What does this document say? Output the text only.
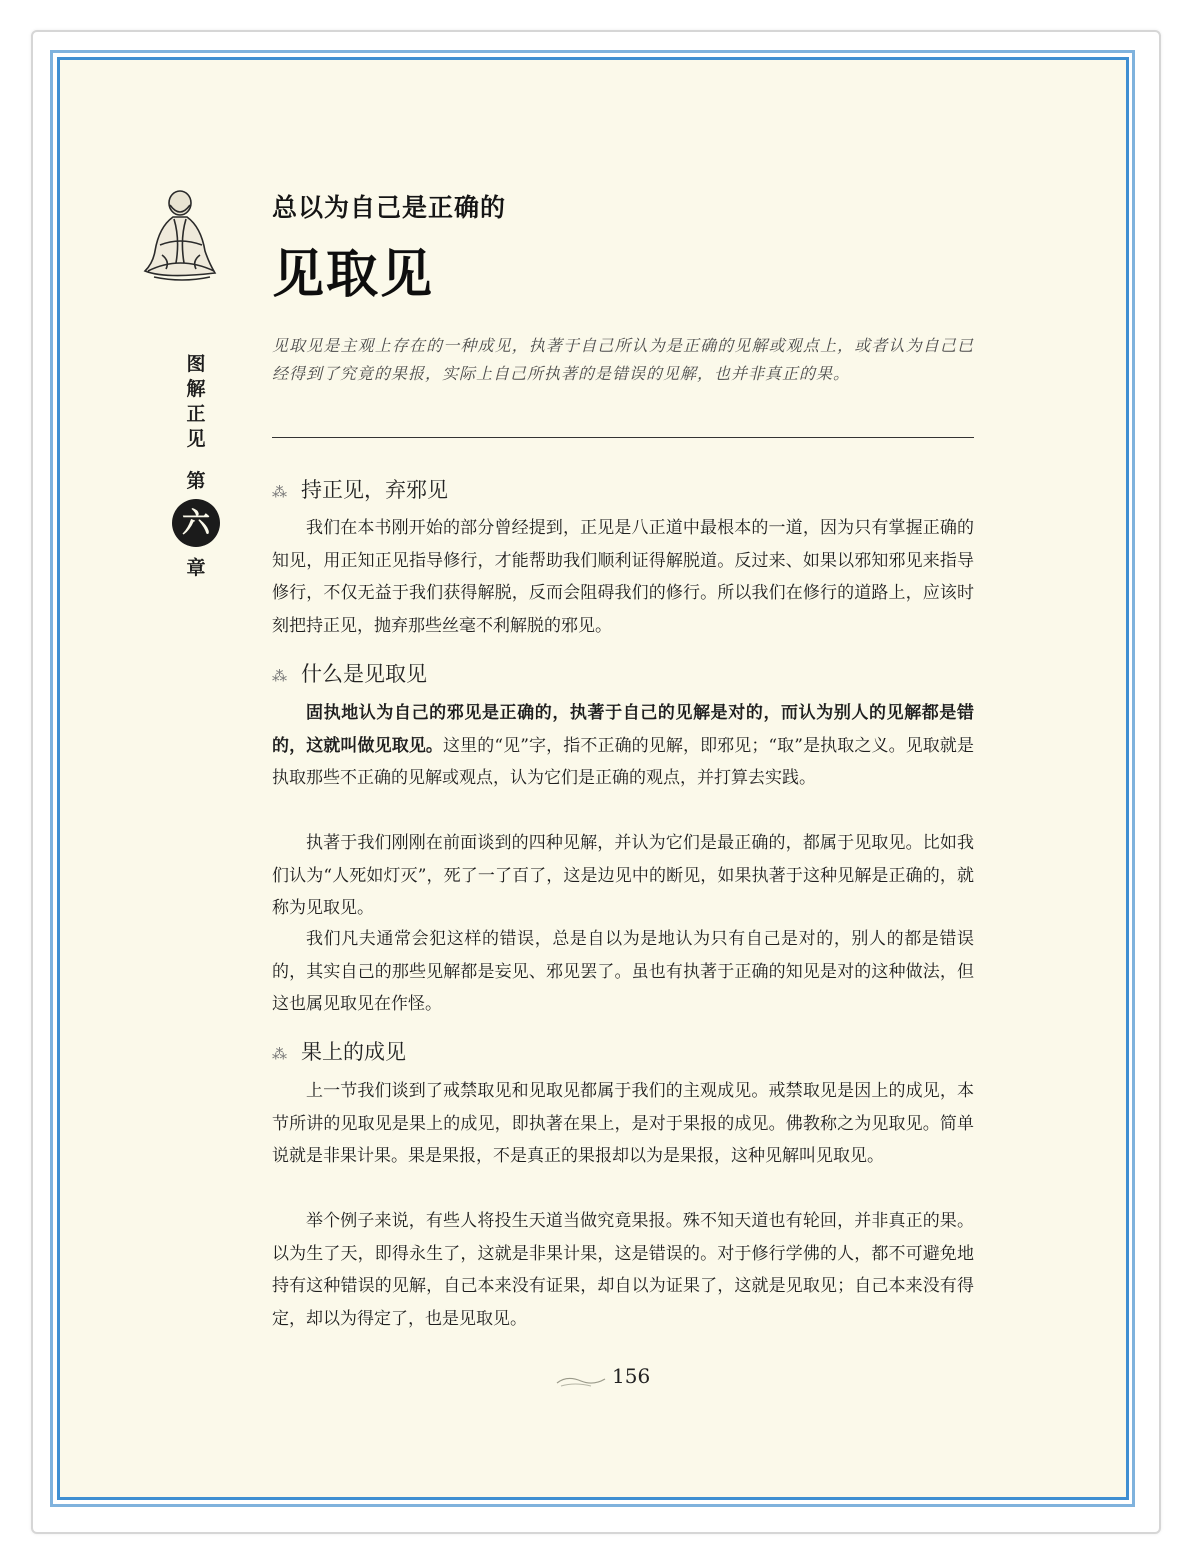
图
解
正
见
第
六
章
总以为自己是正确的
见取见
见取见是主观上存在的一种成见，执著于自己所认为是正确的见解或观点上，或者认为自己已经得到了究竟的果报，实际上自己所执著的是错误的见解，也并非真正的果。
⁂ 持正见，弃邪见
我们在本书刚开始的部分曾经提到，正见是八正道中最根本的一道，因为只有掌握正确的知见，用正知正见指导修行，才能帮助我们顺利证得解脱道。反过来、如果以邪知邪见来指导修行，不仅无益于我们获得解脱，反而会阻碍我们的修行。所以我们在修行的道路上，应该时刻把持正见，抛弃那些丝毫不利解脱的邪见。
⁂ 什么是见取见
固执地认为自己的邪见是正确的，执著于自己的见解是对的，而认为别人的见解都是错的，这就叫做见取见。这里的“见”字，指不正确的见解，即邪见；“取”是执取之义。见取就是执取那些不正确的见解或观点，认为它们是正确的观点，并打算去实践。
执著于我们刚刚在前面谈到的四种见解，并认为它们是最正确的，都属于见取见。比如我们认为“人死如灯灭”，死了一了百了，这是边见中的断见，如果执著于这种见解是正确的，就称为见取见。
我们凡夫通常会犯这样的错误，总是自以为是地认为只有自己是对的，别人的都是错误的，其实自己的那些见解都是妄见、邪见罢了。虽也有执著于正确的知见是对的这种做法，但这也属见取见在作怪。
⁂ 果上的成见
上一节我们谈到了戒禁取见和见取见都属于我们的主观成见。戒禁取见是因上的成见，本节所讲的见取见是果上的成见，即执著在果上，是对于果报的成见。佛教称之为见取见。简单说就是非果计果。果是果报，不是真正的果报却以为是果报，这种见解叫见取见。
举个例子来说，有些人将投生天道当做究竟果报。殊不知天道也有轮回，并非真正的果。以为生了天，即得永生了，这就是非果计果，这是错误的。对于修行学佛的人，都不可避免地持有这种错误的见解，自己本来没有证果，却自以为证果了，这就是见取见；自己本来没有得定，却以为得定了，也是见取见。
156
